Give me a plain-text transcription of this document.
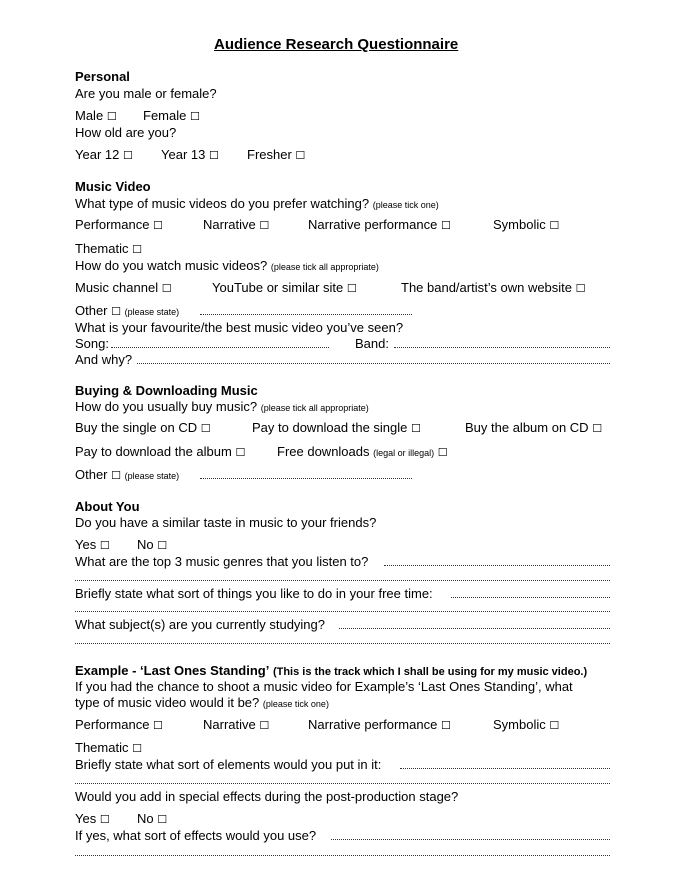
Audience Research Questionnaire
Personal
Are you male or female?
Male ☐ Female ☐
How old are you?
Year 12 ☐ Year 13 ☐ Fresher ☐
Music Video
What type of music videos do you prefer watching? (please tick one)
Performance ☐	Narrative ☐	Narrative performance ☐	Symbolic ☐
Thematic ☐
How do you watch music videos? (please tick all appropriate)
Music channel ☐	YouTube or similar site ☐	The band/artist’s own website ☐
Other ☐ (please state)
What is your favourite/the best music video you’ve seen?
Song:	Band:
And why?
Buying & Downloading Music
How do you usually buy music? (please tick all appropriate)
Buy the single on CD ☐	Pay to download the single ☐	Buy the album on CD ☐
Pay to download the album ☐ Free downloads (legal or illegal) ☐
Other ☐ (please state)
About You
Do you have a similar taste in music to your friends?
Yes ☐ No ☐
What are the top 3 music genres that you listen to?
Briefly state what sort of things you like to do in your free time:
What subject(s) are you currently studying?
Example - ‘Last Ones Standing’ (This is the track which I shall be using for my music video.)
If you had the chance to shoot a music video for Example’s ‘Last Ones Standing’, what
type of music video would it be? (please tick one)
Performance ☐	Narrative ☐	Narrative performance ☐	Symbolic ☐
Thematic ☐
Briefly state what sort of elements would you put in it:
Would you add in special effects during the post-production stage?
Yes ☐ No ☐
If yes, what sort of effects would you use?
